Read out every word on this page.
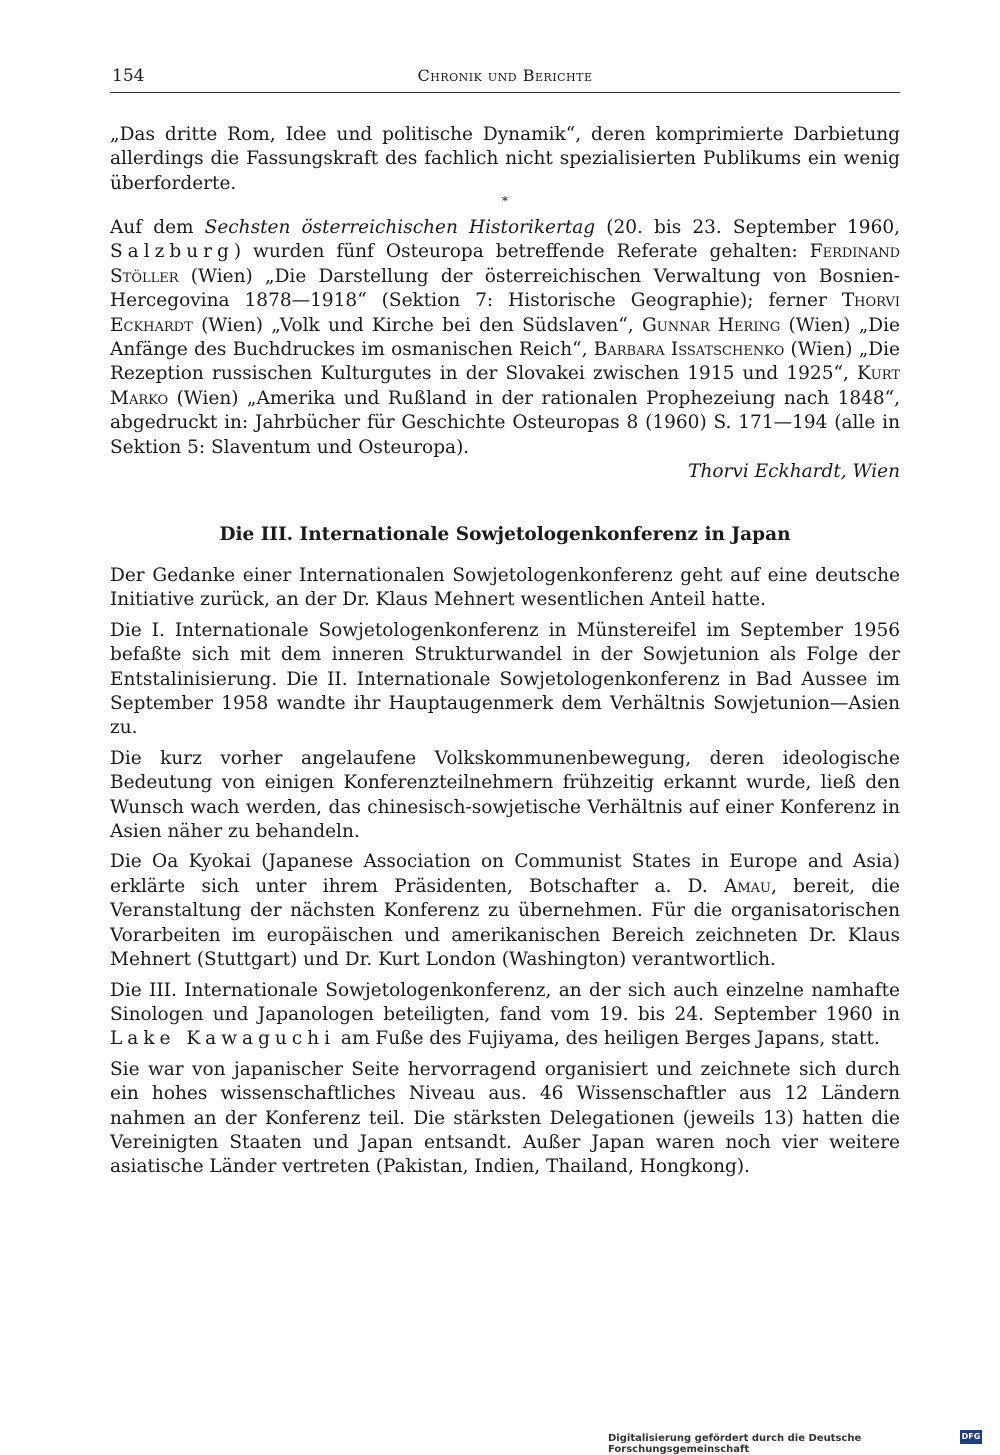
154	Chronik und Berichte

„Das dritte Rom, Idee und politische Dynamik“, deren komprimierte Darbietung allerdings die Fassungskraft des fachlich nicht spezialisierten Publikums ein wenig überforderte.

*

Auf dem Sechsten österreichischen Historikertag (20. bis 23. September 1960, Salzburg) wurden fünf Osteuropa betreffende Referate gehalten: Ferdinand Stöller (Wien) „Die Darstellung der österreichischen Verwaltung von Bosnien-Hercegovina 1878—1918“ (Sektion 7: Historische Geographie); ferner Thorvi Eckhardt (Wien) „Volk und Kirche bei den Südslaven“, Gunnar Hering (Wien) „Die Anfänge des Buchdruckes im osmanischen Reich“, Barbara Issatschenko (Wien) „Die Rezeption russischen Kulturgutes in der Slovakei zwischen 1915 und 1925“, Kurt Marko (Wien) „Amerika und Rußland in der rationalen Prophezeiung nach 1848“, abgedruckt in: Jahrbücher für Geschichte Osteuropas 8 (1960) S. 171—194 (alle in Sektion 5: Slaventum und Osteuropa).

Thorvi Eckhardt, Wien

Die III. Internationale Sowjetologenkonferenz in Japan

Der Gedanke einer Internationalen Sowjetologenkonferenz geht auf eine deutsche Initiative zurück, an der Dr. Klaus Mehnert wesentlichen Anteil hatte.

Die I. Internationale Sowjetologenkonferenz in Münstereifel im September 1956 befaßte sich mit dem inneren Strukturwandel in der Sowjetunion als Folge der Entstalinisierung. Die II. Internationale Sowjetologenkonferenz in Bad Aussee im September 1958 wandte ihr Hauptaugenmerk dem Verhältnis Sowjetunion—Asien zu.

Die kurz vorher angelaufene Volkskommunenbewegung, deren ideologische Bedeutung von einigen Konferenzteilnehmern frühzeitig erkannt wurde, ließ den Wunsch wach werden, das chinesisch-sowjetische Verhältnis auf einer Konferenz in Asien näher zu behandeln.

Die Oa Kyokai (Japanese Association on Communist States in Europe and Asia) erklärte sich unter ihrem Präsidenten, Botschafter a. D. Amau, bereit, die Veranstaltung der nächsten Konferenz zu übernehmen. Für die organisatorischen Vorarbeiten im europäischen und amerikanischen Bereich zeichneten Dr. Klaus Mehnert (Stuttgart) und Dr. Kurt London (Washington) verantwortlich.

Die III. Internationale Sowjetologenkonferenz, an der sich auch einzelne namhafte Sinologen und Japanologen beteiligten, fand vom 19. bis 24. September 1960 in Lake Kawaguchi am Fuße des Fujiyama, des heiligen Berges Japans, statt.

Sie war von japanischer Seite hervorragend organisiert und zeichnete sich durch ein hohes wissenschaftliches Niveau aus. 46 Wissenschaftler aus 12 Ländern nahmen an der Konferenz teil. Die stärksten Delegationen (jeweils 13) hatten die Vereinigten Staaten und Japan entsandt. Außer Japan waren noch vier weitere asiatische Länder vertreten (Pakistan, Indien, Thailand, Hongkong).

Digitalisierung gefördert durch die Deutsche Forschungsgemeinschaft
DFG
